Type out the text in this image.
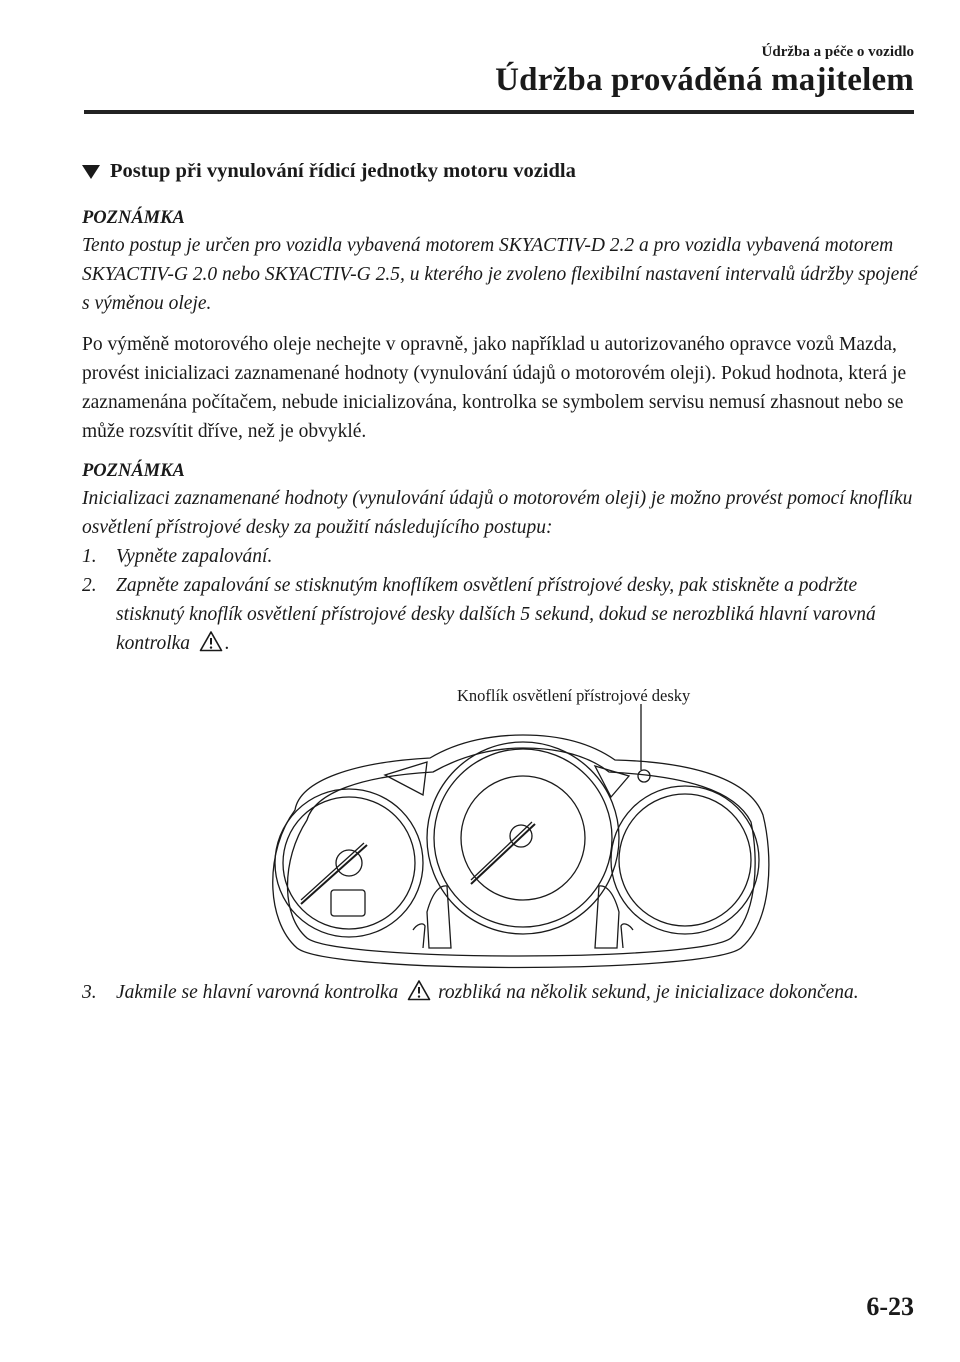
Údržba a péče o vozidlo
Údržba prováděná majitelem
Postup při vynulování řídicí jednotky motoru vozidla

POZNÁMKA

Tento postup je určen pro vozidla vybavená motorem SKYACTIV-D 2.2 a pro vozidla vybavená motorem SKYACTIV-G 2.0 nebo SKYACTIV-G 2.5, u kterého je zvoleno flexibilní nastavení intervalů údržby spojené s výměnou oleje.

Po výměně motorového oleje nechejte v opravně, jako například u autorizovaného opravce vozů Mazda, provést inicializaci zaznamenané hodnoty (vynulování údajů o motorovém oleji). Pokud hodnota, která je zaznamenána počítačem, nebude inicializována, kontrolka se symbolem servisu nemusí zhasnout nebo se může rozsvítit dříve, než je obvyklé.

POZNÁMKA

Inicializaci zaznamenané hodnoty (vynulování údajů o motorovém oleji) je možno provést pomocí knoflíku osvětlení přístrojové desky za použití následujícího postupu:

1. Vypněte zapalování.
2. Zapněte zapalování se stisknutým knoflíkem osvětlení přístrojové desky, pak stiskněte a podržte stisknutý knoflík osvětlení přístrojové desky dalších 5 sekund, dokud se nerozbliká hlavní varovná kontrolka .
Knoflík osvětlení přístrojové desky
3. Jakmile se hlavní varovná kontrolka rozbliká na několik sekund, je inicializace dokončena.
6-23
